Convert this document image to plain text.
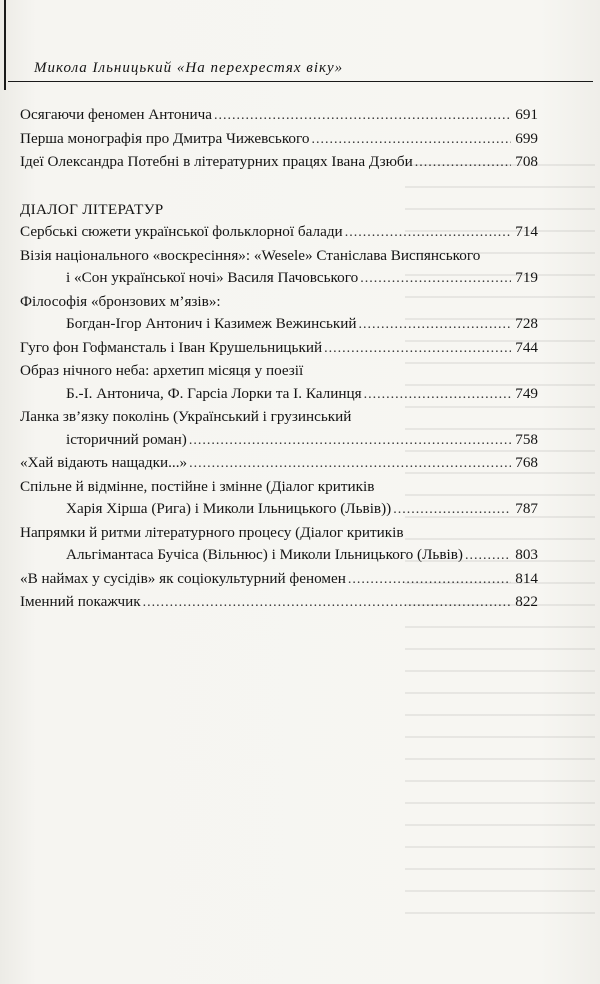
Микола Ільницький «На перехрестях віку»
Осягаючи феномен Антонича .....	691
Перша монографія про Дмитра Чижевського .....	699
Ідеї Олександра Потебні в літературних працях Івана Дзюби .....	708
ДІАЛОГ ЛІТЕРАТУР
Сербські сюжети української фольклорної балади .....	714
Візія національного «воскресіння»: «Wesele» Станіслава Виспянського
і «Сон української ночі» Василя Пачовського .....	719
Філософія «бронзових м’язів»:
Богдан-Ігор Антонич і Казимеж Вежинський .....	728
Гуго фон Гофмансталь і Іван Крушельницький .....	744
Образ нічного неба: архетип місяця у поезії
Б.-І. Антонича, Ф. Гарсіа Лорки та І. Калинця .....	749
Ланка зв’язку поколінь (Український і грузинський
історичний роман) .....	758
«Хай відають нащадки...» .....	768
Спільне й відмінне, постійне і змінне (Діалог критиків
Харія Хірша (Рига) і Миколи Ільницького (Львів)) .....	787
Напрямки й ритми літературного процесу (Діалог критиків
Альгімантаса Бучіса (Вільнюс) і Миколи Ільницького (Львів) .....	803
«В наймах у сусідів» як соціокультурний феномен .....	814
Іменний покажчик .....	822
